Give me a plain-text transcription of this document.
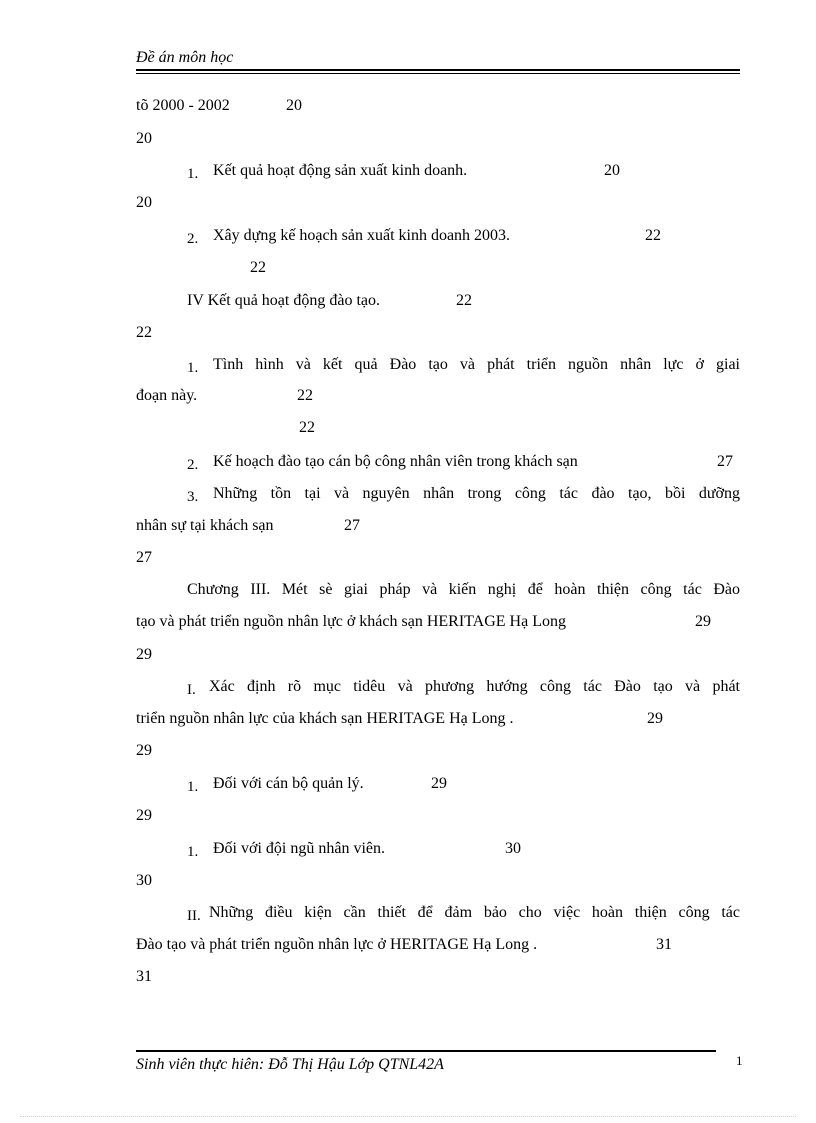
Đề án môn học
tõ 2000 - 2002	20
20
1. Kết quả hoạt động sản xuất kinh doanh.	20
20
2. Xây dựng kế hoạch sản xuất kinh doanh 2003.	22
22
IV Kết quả hoạt động đào tạo.	22
22
1. Tình hình và kết quả Đào tạo và phát triển nguồn nhân lực ở giai
đoạn này.	22
22
2. Kế hoạch đào tạo cán bộ công nhân viên trong khách sạn	27
3. Những tồn tại và nguyên nhân trong công tác đào tạo, bồi dưỡng
nhân sự tại khách sạn	27
27
Chương III. Mét sè giai pháp và kiến nghị để hoàn thiện công tác Đào
tạo và phát triển nguồn nhân lực ở khách sạn HERITAGE Hạ Long	29
29
I. Xác định rõ mục tidêu và phương hướng công tác Đào tạo và phát
triển nguồn nhân lực của khách sạn HERITAGE Hạ Long .	29
29
1. Đối với cán bộ quản lý.	29
29
1. Đối với đội ngũ nhân viên.	30
30
II. Những điều kiện cần thiết để đảm bảo cho việc hoàn thiện công tác
Đào tạo và phát triển nguồn nhân lực ở HERITAGE Hạ Long .	31
31
Sinh viên thực hiên: Đỗ Thị Hậu Lớp QTNL42A	1
